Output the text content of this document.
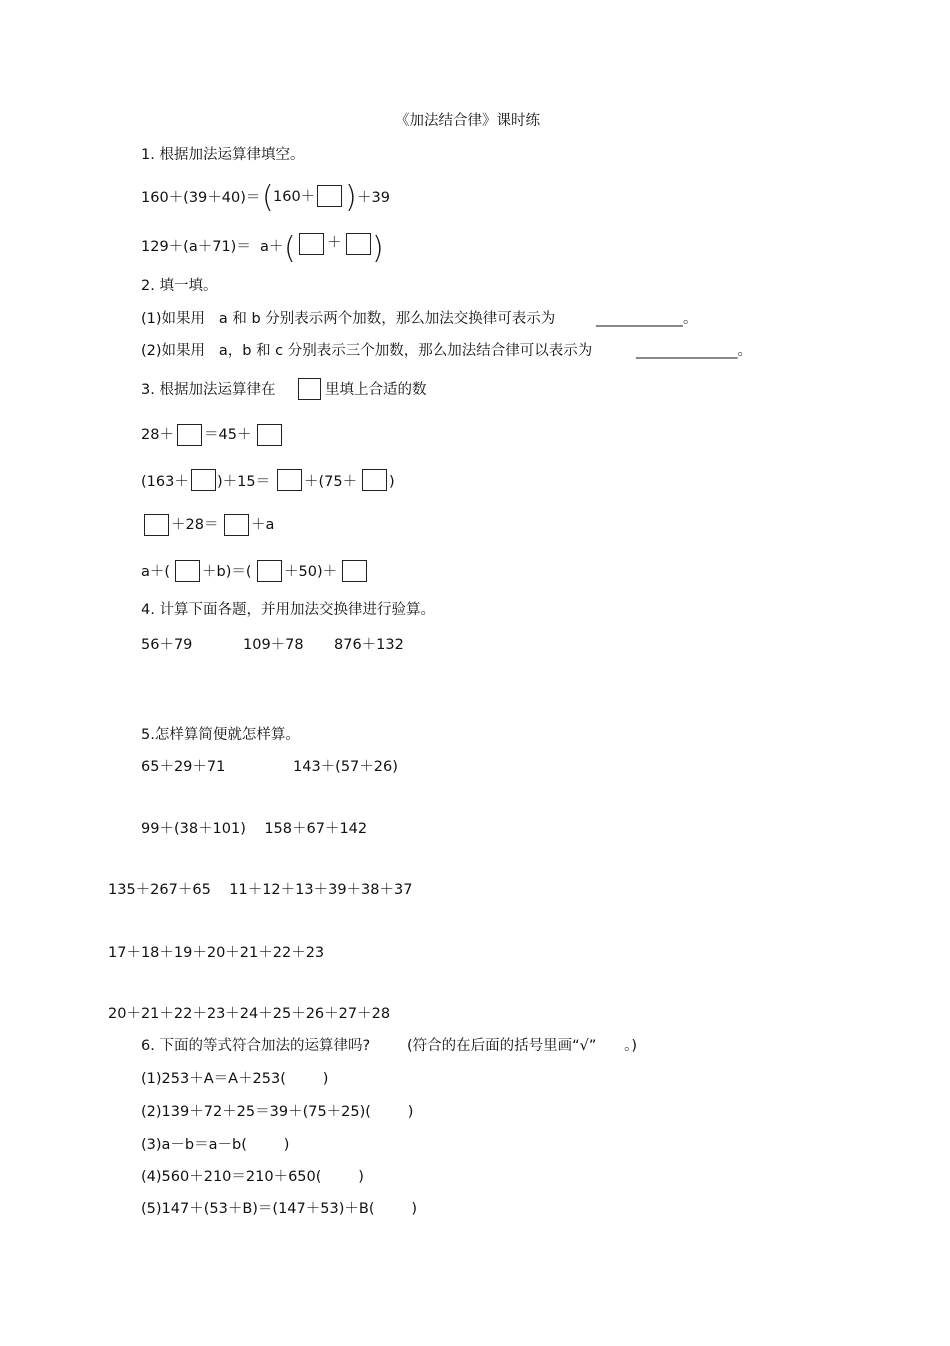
《加法结合律》课时练
1. 根据加法运算律填空。
160＋(39＋40)＝ ( 160＋ ) ＋39
129＋(a＋71)＝  a＋ ( ＋ )
2. 填一填。
(1)如果用   a 和 b 分别表示两个加数，那么加法交换律可表示为	____________。
(2)如果用   a，b 和 c 分别表示三个加数，那么加法结合律可以表示为	______________。
3. 根据加法运算律在	里填上合适的数
28＋ ＝45＋
(163＋ )＋15＝ ＋(75＋ )
＋28＝ ＋a
a＋( ＋b)＝( ＋50)＋
4. 计算下面各题，并用加法交换律进行验算。
56＋79	109＋78 876＋132
5.怎样算简便就怎样算。
65＋29＋71	143＋(57＋26)
99＋(38＋101)    158＋67＋142
135＋267＋65    11＋12＋13＋39＋38＋37
17＋18＋19＋20＋21＋22＋23
20＋21＋22＋23＋24＋25＋26＋27＋28
6. 下面的等式符合加法的运算律吗?        (符合的在后面的括号里画“√”      。)
(1)253＋A＝A＋253(        )
(2)139＋72＋25＝39＋(75＋25)(        )
(3)a－b＝a－b(        )
(4)560＋210＝210＋650(        )
(5)147＋(53＋B)＝(147＋53)＋B(        )
